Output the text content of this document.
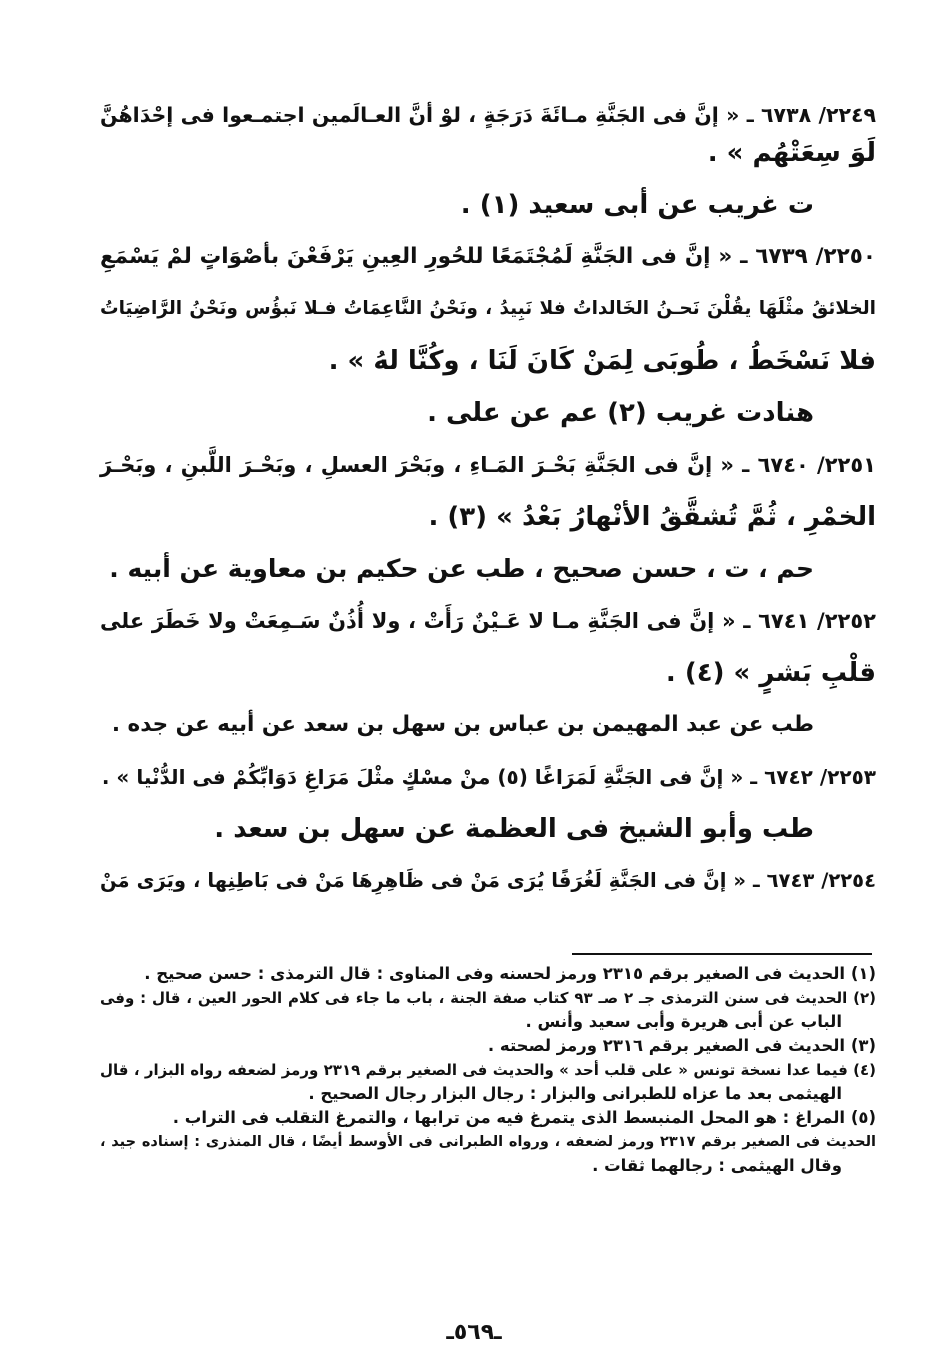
٢٢٤٩/ ٦٧٣٨ ـ « إنَّ فى الجَنَّةِ مـائَةَ دَرَجَةٍ ، لوْ أنَّ العـالَمين اجتمـعوا فى إحْدَاهُنَّ
لَوَ سِعَتْهُم » .
ت غريب عن أبى سعيد (١) .
٢٢٥٠/ ٦٧٣٩ ـ « إنَّ فى الجَنَّةِ لَمُجْتَمَعًا للحُورِ العِينِ يَرْفَعْنَ بأصْوَاتٍ لمْ يَسْمَعِ
الخلائقُ مثْلَهَا يقُلْنَ نَحـنُ الخَالداتُ فلا نَبِيدُ ، ونَحْنُ النَّاعِمَاتُ فـلا نَبؤُس ونَحْنُ الرَّاضِيَاتُ
فلا نَسْخَطُ ، طُوبَى لِمَنْ كَانَ لَنَا ، وكُنَّا لهُ » .
هنادت غريب (٢) عم عن على .
٢٢٥١/ ٦٧٤٠ ـ « إنَّ فى الجَنَّةِ بَحْـرَ المَـاءِ ، وبَحْرَ العسلِ ، وبَحْـرَ اللَّبنِ ، وبَحْـرَ
الخمْرِ ، ثُمَّ تُشقَّقُ الأنْهارُ بَعْدُ » (٣) .
حم ، ت ، حسن صحيح ، طب عن حكيم بن معاوية عن أبيه .
٢٢٥٢/ ٦٧٤١ ـ « إنَّ فى الجَنَّةِ مـا لا عَـيْنٌ رَأَتْ ، ولا أُذُنٌ سَـمِعَتْ ولا خَطَرَ على
قلْبِ بَشرٍ » (٤) .
طب عن عبد المهيمن بن عباس بن سهل بن سعد عن أبيه عن جده .
٢٢٥٣/ ٦٧٤٢ ـ « إنَّ فى الجَنَّةِ لَمَرَاغًا (٥) منْ مسْكٍ مثْلَ مَرَاغِ دَوَابِّكُمْ فى الدُّنْيا » .
طب وأبو الشيخ فى العظمة عن سهل بن سعد .
٢٢٥٤/ ٦٧٤٣ ـ « إنَّ فى الجَنَّةِ لَغُرَفًا يُرَى مَنْ فى ظَاهِرِهَا مَنْ فى بَاطِنِها ، ويَرَى مَنْ
(١) الحديث فى الصغير برقم ٢٣١٥ ورمز لحسنه وفى المناوى : قال الترمذى : حسن صحيح .
(٢) الحديث فى سنن الترمذى جـ ٢ صـ ٩٣ كتاب صفة الجنة ، باب ما جاء فى كلام الحور العين ، قال : وفى
الباب عن أبى هريرة وأبى سعيد وأنس .
(٣) الحديث فى الصغير برقم ٢٣١٦ ورمز لصحته .
(٤) فيما عدا نسخة تونس « على قلب أحد » والحديث فى الصغير برقم ٢٣١٩ ورمز لضعفه رواه البزار ، قال
الهيثمى بعد ما عزاه للطبرانى والبزار : رجال البزار رجال الصحيح .
(٥) المراغ : هو المحل المنبسط الذى يتمرغ فيه من ترابها ، والتمرغ التقلب فى التراب .
الحديث فى الصغير برقم ٢٣١٧ ورمز لضعفه ، ورواه الطبرانى فى الأوسط أيضًا ، قال المنذرى : إسناده جيد ،
وقال الهيثمى : رجالهما ثقات .
ـ٥٦٩ـ
